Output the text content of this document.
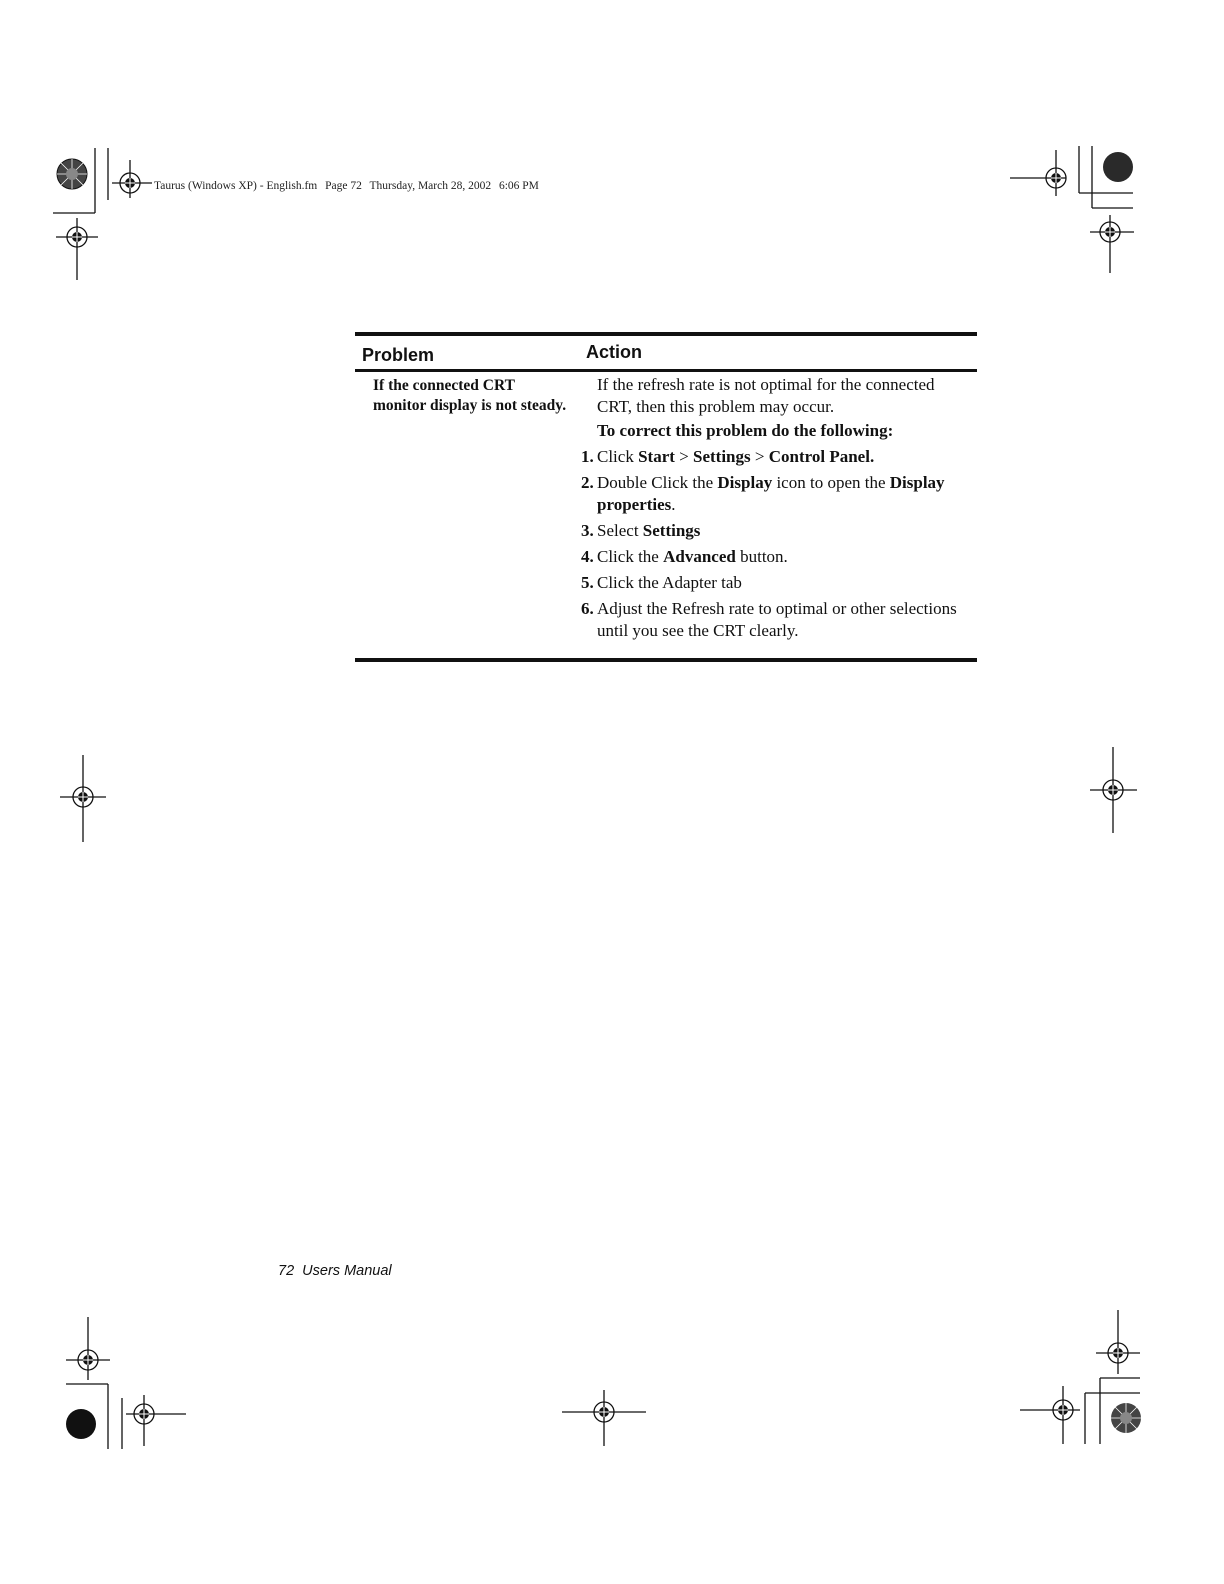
Taurus (Windows XP) - English.fm Page 72 Thursday, March 28, 2002 6:06 PM
Problem	Action
If the connected CRT
monitor display is not steady.
If the refresh rate is not optimal for the connected
CRT, then this problem may occur.
To correct this problem do the following:
1. Click Start > Settings > Control Panel.
2. Double Click the Display icon to open the Display properties.
3. Select Settings
4. Click the Advanced button.
5. Click the Adapter tab
6. Adjust the Refresh rate to optimal or other selections until you see the CRT clearly.
72 Users Manual
